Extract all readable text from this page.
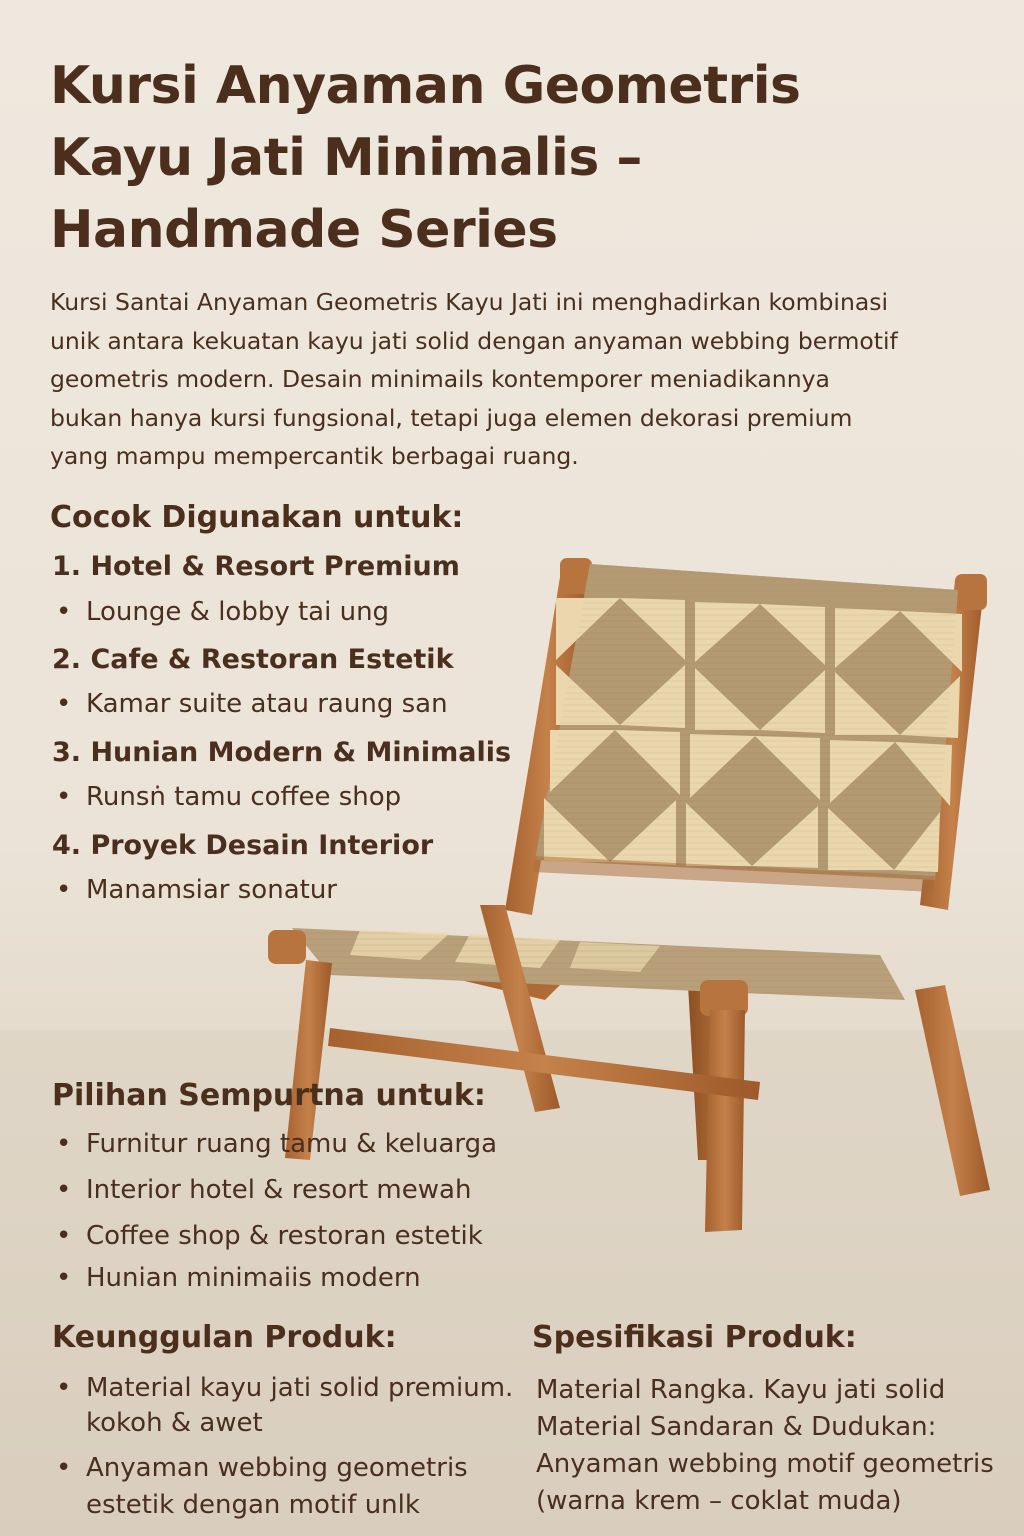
Kursi Anyaman Geometris
Kayu Jati Minimalis –
Handmade Series
Kursi Santai Anyaman Geometris Kayu Jati ini menghadirkan kombinasi
unik antara kekuatan kayu jati solid dengan anyaman webbing bermotif
geometris modern. Desain minimails kontemporer meniadikannya
bukan hanya kursi fungsional, tetapi juga elemen dekorasi premium
yang mampu mempercantik berbagai ruang.
Cocok Digunakan untuk:
1. Hotel & Resort Premium
• Lounge & lobby tai ung
2. Cafe & Restoran Estetik
• Kamar suite atau raung san
3. Hunian Modern & Minimalis
• Runsṅ tamu coffee shop
4. Proyek Desain Interior
• Manamsiar sonatur
Pilihan Sempurtna untuk:
• Furnitur ruang tamu & keluarga
• Interior hotel & resort mewah
• Coffee shop & restoran estetik
• Hunian minimaiis modern
Keunggulan Produk:
• Material kayu jati solid premium.
kokoh & awet
• Anyaman webbing geometris
estetik dengan motif unlk
Spesifikasi Produk:
Material Rangka. Kayu jati solid
Material Sandaran & Dudukan:
Anyaman webbing motif geometris
(warna krem – coklat muda)
